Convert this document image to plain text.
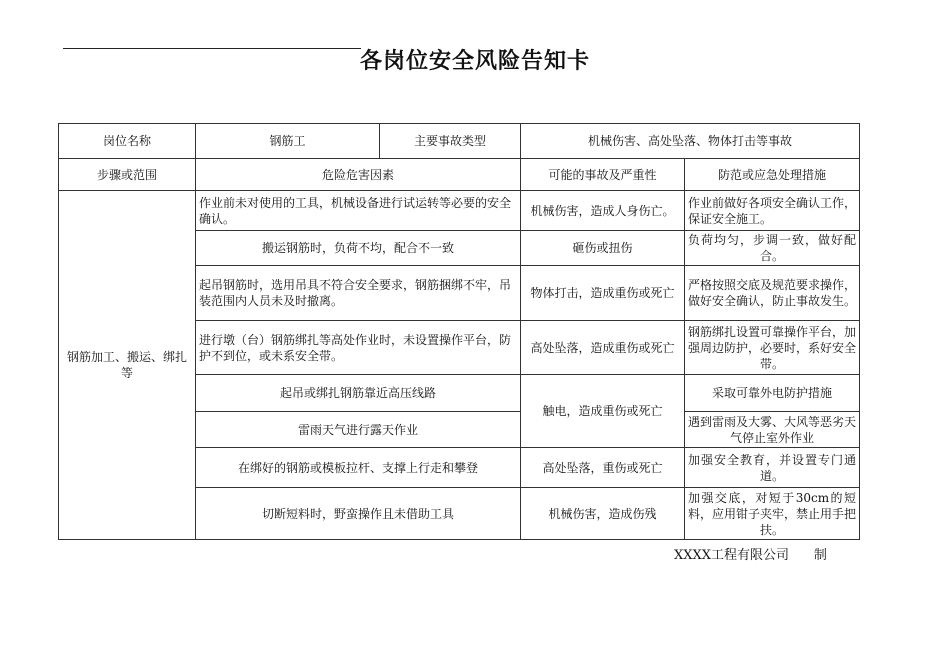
各岗位安全风险告知卡
岗位名称	钢筋工	主要事故类型	机械伤害、高处坠落、物体打击等事故	
步骤或范围	危险危害因素		可能的事故及严重性	防范或应急处理措施
钢筋加工、搬运、绑扎等	作业前未对使用的工具，机械设备进行试运转等必要的安全确认。		机械伤害，造成人身伤亡。	作业前做好各项安全确认工作，保证安全施工。
	搬运钢筋时，负荷不均，配合不一致		砸伤或扭伤	负荷均匀，步调一致，做好配合。
	起吊钢筋时，选用吊具不符合安全要求，钢筋捆绑不牢，吊装范围内人员未及时撤离。		物体打击，造成重伤或死亡	严格按照交底及规范要求操作，做好安全确认，防止事故发生。
	进行墩（台）钢筋绑扎等高处作业时，未设置操作平台，防护不到位，或未系安全带。		高处坠落，造成重伤或死亡	钢筋绑扎设置可靠操作平台，加强周边防护，必要时，系好安全带。
	起吊或绑扎钢筋靠近高压线路		触电，造成重伤或死亡	采取可靠外电防护措施
	雷雨天气进行露天作业			遇到雷雨及大雾、大风等恶劣天气停止室外作业
	在绑好的钢筋或模板拉杆、支撑上行走和攀登		高处坠落，重伤或死亡	加强安全教育，并设置专门通道。
	切断短料时，野蛮操作且未借助工具		机械伤害，造成伤残	加强交底，对短于30cm的短料，应用钳子夹牢，禁止用手把扶。
XXXX工程有限公司 制
